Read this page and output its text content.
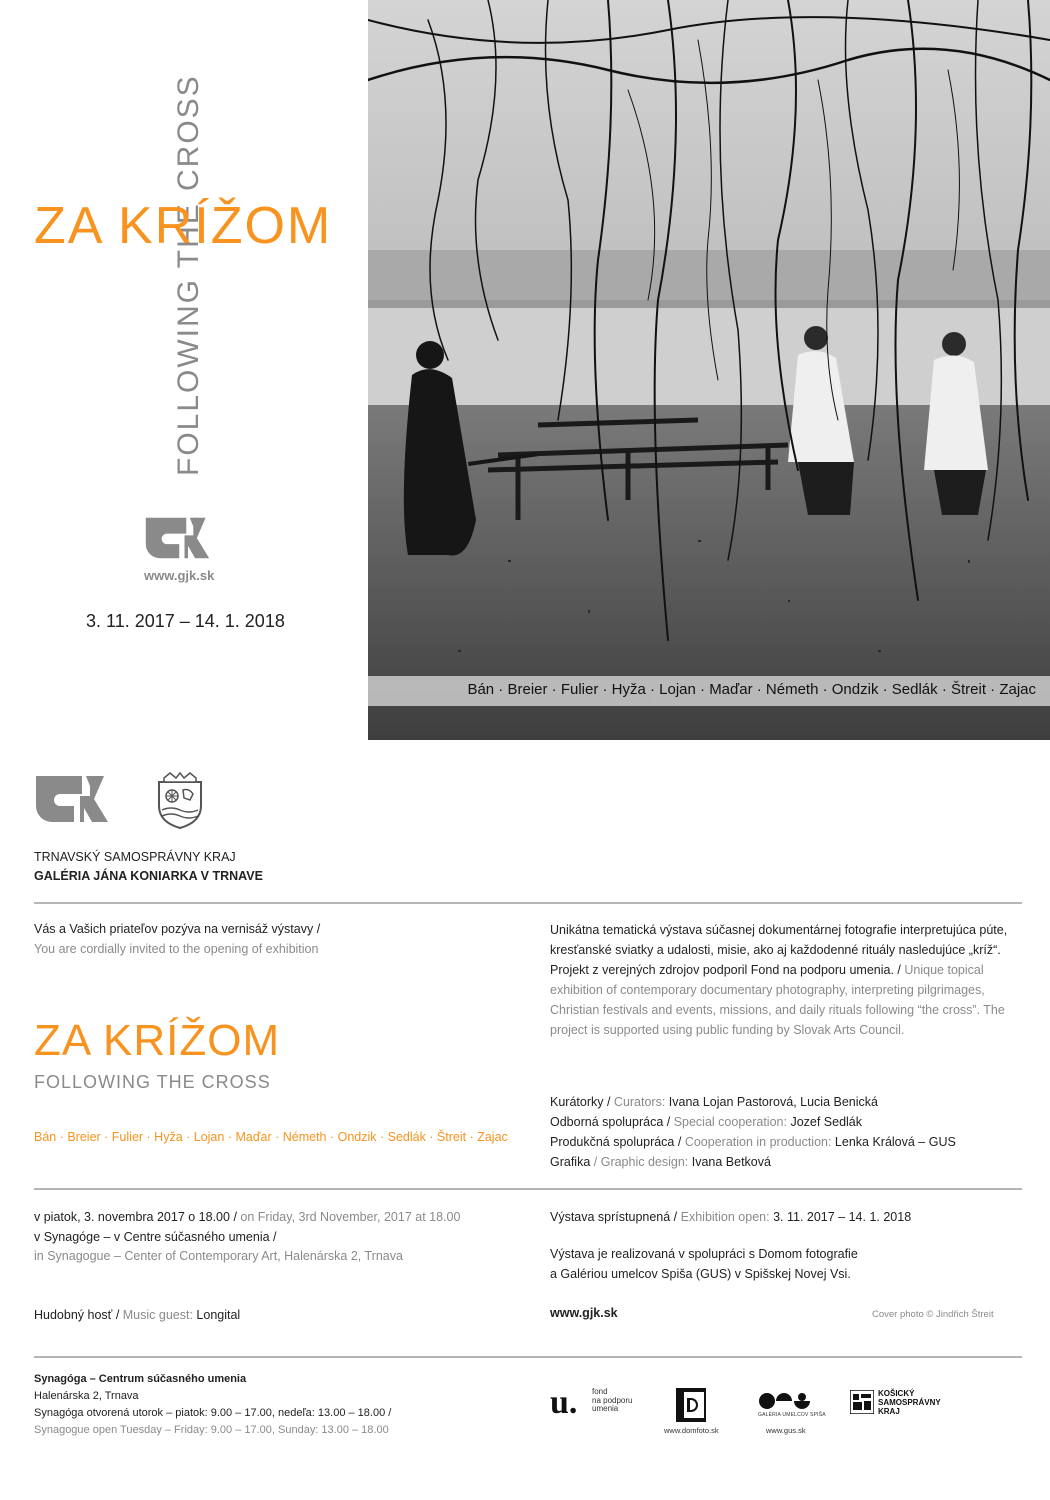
FOLLOWING THE
CROSS
ZA KRÍŽOM
www.gjk.sk
3. 11. 2017 – 14. 1. 2018
Bán · Breier · Fulier · Hyža · Lojan · Maďar · Németh · Ondzik · Sedlák · Štreit · Zajac
TRNAVSKÝ SAMOSPRÁVNY KRAJ
GALÉRIA JÁNA KONIARKA V TRNAVE
Vás a Vašich priateľov pozýva na vernisáž výstavy /
You are cordially invited to the opening of exhibition
ZA KRÍŽOM
FOLLOWING THE CROSS
Bán · Breier · Fulier · Hyža · Lojan · Maďar · Németh · Ondzik · Sedlák · Štreit · Zajac
Unikátna tematická výstava súčasnej dokumentárnej fotografie interpretujúca púte, kresťanské sviatky a udalosti, misie, ako aj každodenné rituály nasledujúce „kríž“. Projekt z verejných zdrojov podporil Fond na podporu umenia. / Unique topical exhibition of contemporary documentary photography, interpreting pilgrimages, Christian festivals and events, missions, and daily rituals following “the cross”. The project is supported using public funding by Slovak Arts Council.
Kurátorky / Curators: Ivana Lojan Pastorová, Lucia Benická
Odborná spolupráca / Special cooperation: Jozef Sedlák
Produkčná spolupráca / Cooperation in production: Lenka Králová – GUS
Grafika / Graphic design: Ivana Betková
v piatok, 3. novembra 2017 o 18.00 / on Friday, 3rd November, 2017 at 18.00
v Synagóge – v Centre súčasného umenia /
in Synagogue – Center of Contemporary Art, Halenárska 2, Trnava
Hudobný hosť / Music guest: Longital
Výstava sprístupnená / Exhibition open: 3. 11. 2017 – 14. 1. 2018
Výstava je realizovaná v spolupráci s Domom fotografie
a Galériou umelcov Spiša (GUS) v Spišskej Novej Vsi.
www.gjk.sk	Cover photo © Jindřich Štreit
Synagóga – Centrum súčasného umenia
Halenárska 2, Trnava
Synagóga otvorená utorok – piatok: 9.00 – 17.00, nedeľa: 13.00 – 18.00 /
Synagogue open Tuesday – Friday: 9.00 – 17.00, Sunday: 13.00 – 18.00
u. fond
na podporu
umenia
www.domfoto.sk
GALÉRIA UMELCOV SPIŠA
www.gus.sk
KOŠICKÝ
SAMOSPRÁVNY
KRAJ
